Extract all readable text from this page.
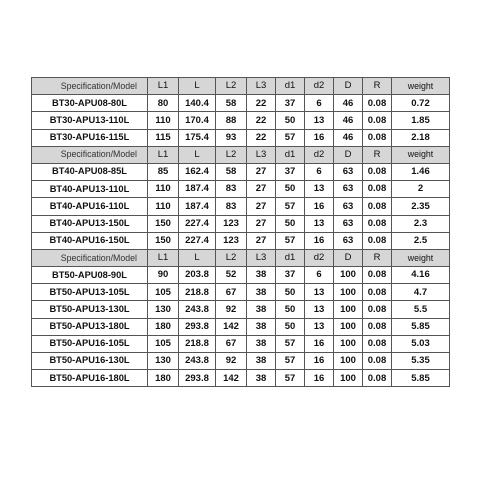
Specification/Model	L1	L	L2	L3	d1	d2	D	R	weight
BT30-APU08-80L	80	140.4	58	22	37	6	46	0.08	0.72
BT30-APU13-110L	110	170.4	88	22	50	13	46	0.08	1.85
BT30-APU16-115L	115	175.4	93	22	57	16	46	0.08	2.18
Specification/Model	L1	L	L2	L3	d1	d2	D	R	weight
BT40-APU08-85L	85	162.4	58	27	37	6	63	0.08	1.46
BT40-APU13-110L	110	187.4	83	27	50	13	63	0.08	2
BT40-APU16-110L	110	187.4	83	27	57	16	63	0.08	2.35
BT40-APU13-150L	150	227.4	123	27	50	13	63	0.08	2.3
BT40-APU16-150L	150	227.4	123	27	57	16	63	0.08	2.5
Specification/Model	L1	L	L2	L3	d1	d2	D	R	weight
BT50-APU08-90L	90	203.8	52	38	37	6	100	0.08	4.16
BT50-APU13-105L	105	218.8	67	38	50	13	100	0.08	4.7
BT50-APU13-130L	130	243.8	92	38	50	13	100	0.08	5.5
BT50-APU13-180L	180	293.8	142	38	50	13	100	0.08	5.85
BT50-APU16-105L	105	218.8	67	38	57	16	100	0.08	5.03
BT50-APU16-130L	130	243.8	92	38	57	16	100	0.08	5.35
BT50-APU16-180L	180	293.8	142	38	57	16	100	0.08	5.85
